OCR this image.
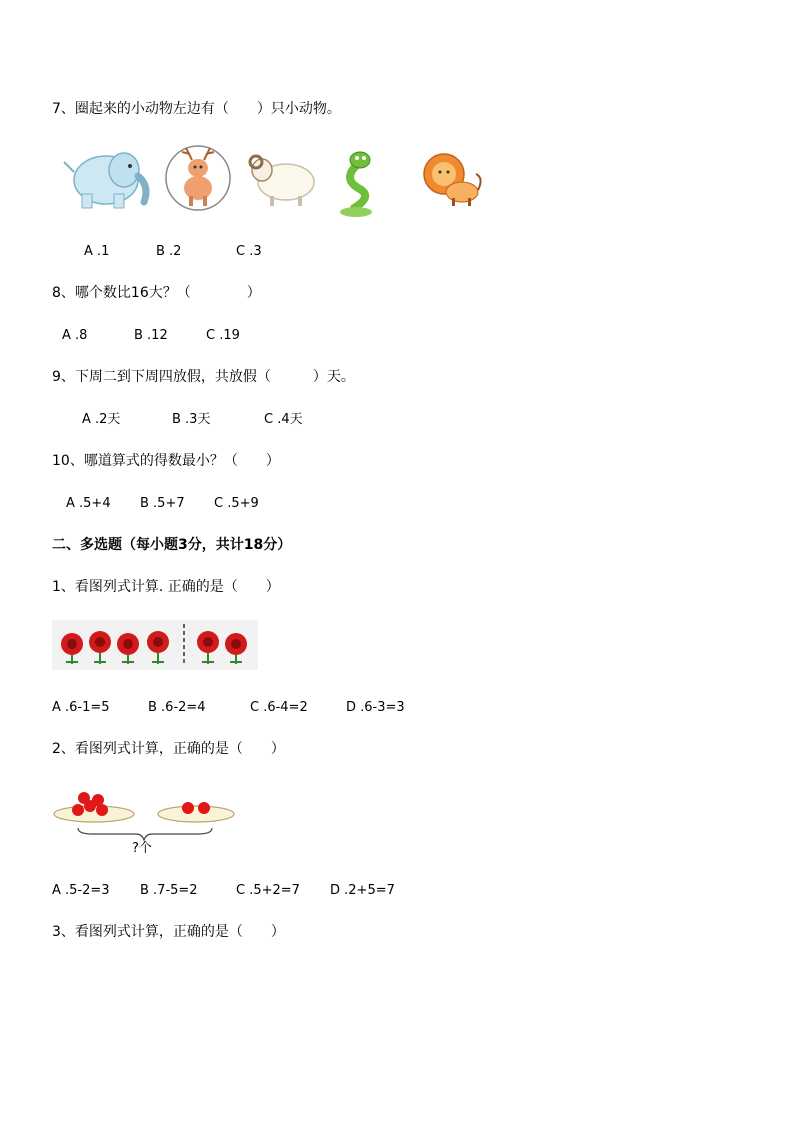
7、圈起来的小动物左边有（　　）只小动物。
A .1	B .2	C .3
8、哪个数比16大？（　　　　）
A .8	B .12	C .19
9、下周二到下周四放假，共放假（　　　）天。
A .2天	B .3天	C .4天
10、哪道算式的得数最小？（　　）
A .5+4 B .5+7 C .5+9
二、多选题（每小题3分，共计18分）
1、看图列式计算. 正确的是（　　）
A .6-1=5	B .6-2=4	C .6-4=2	D .6-3=3
2、看图列式计算，正确的是（　　）
?个
A .5-2=3 B .7-5=2	C .5+2=7 D .2+5=7
3、看图列式计算，正确的是（　　）
